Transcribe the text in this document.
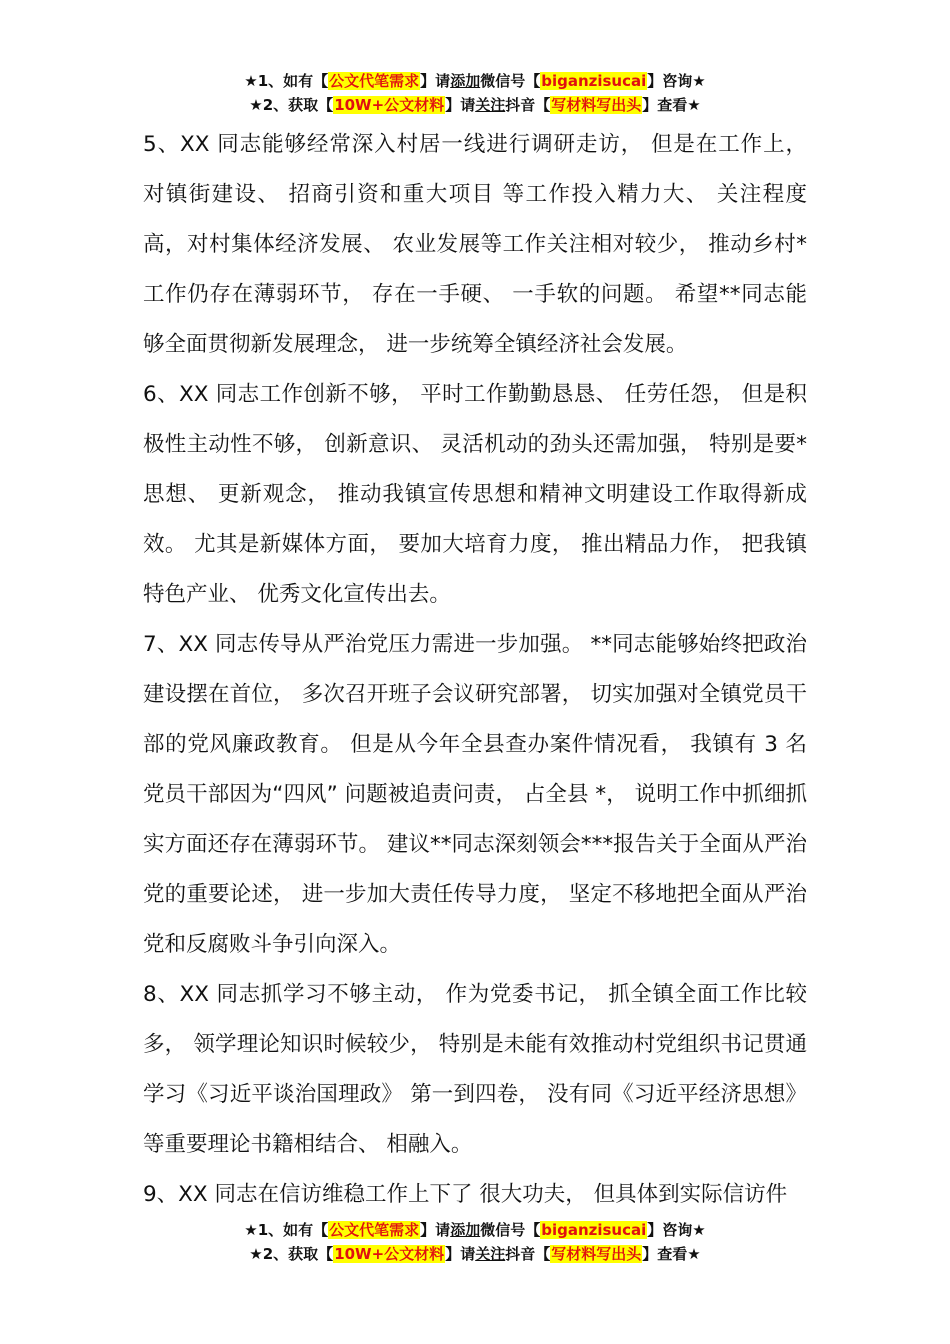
★1、如有【公文代笔需求】请添加微信号【biganzisucai】咨询★
★2、获取【10W+公文材料】请关注抖音【写材料写出头】查看★

5、XX 同志能够经常深入村居一线进行调研走访， 但是在工作上， 对镇街建设、 招商引资和重大项目 等工作投入精力大、 关注程度高，对村集体经济发展、 农业发展等工作关注相对较少， 推动乡村*工作仍存在薄弱环节， 存在一手硬、 一手软的问题。 希望**同志能够全面贯彻新发展理念， 进一步统筹全镇经济社会发展。

6、XX 同志工作创新不够， 平时工作勤勤恳恳、 任劳任怨， 但是积极性主动性不够， 创新意识、 灵活机动的劲头还需加强， 特别是要*思想、 更新观念， 推动我镇宣传思想和精神文明建设工作取得新成效。 尤其是新媒体方面， 要加大培育力度， 推出精品力作， 把我镇特色产业、 优秀文化宣传出去。

7、XX 同志传导从严治党压力需进一步加强。 **同志能够始终把政治建设摆在首位， 多次召开班子会议研究部署， 切实加强对全镇党员干部的党风廉政教育。 但是从今年全县查办案件情况看， 我镇有 3 名党员干部因为“四风” 问题被追责问责， 占全县 *， 说明工作中抓细抓实方面还存在薄弱环节。 建议**同志深刻领会***报告关于全面从严治党的重要论述， 进一步加大责任传导力度， 坚定不移地把全面从严治党和反腐败斗争引向深入。

8、XX 同志抓学习不够主动， 作为党委书记， 抓全镇全面工作比较多， 领学理论知识时候较少， 特别是未能有效推动村党组织书记贯通学习《习近平谈治国理政》 第一到四卷， 没有同《习近平经济思想》等重要理论书籍相结合、 相融入。

9、XX 同志在信访维稳工作上下了 很大功夫， 但具体到实际信访件

★1、如有【公文代笔需求】请添加微信号【biganzisucai】咨询★
★2、获取【10W+公文材料】请关注抖音【写材料写出头】查看★
